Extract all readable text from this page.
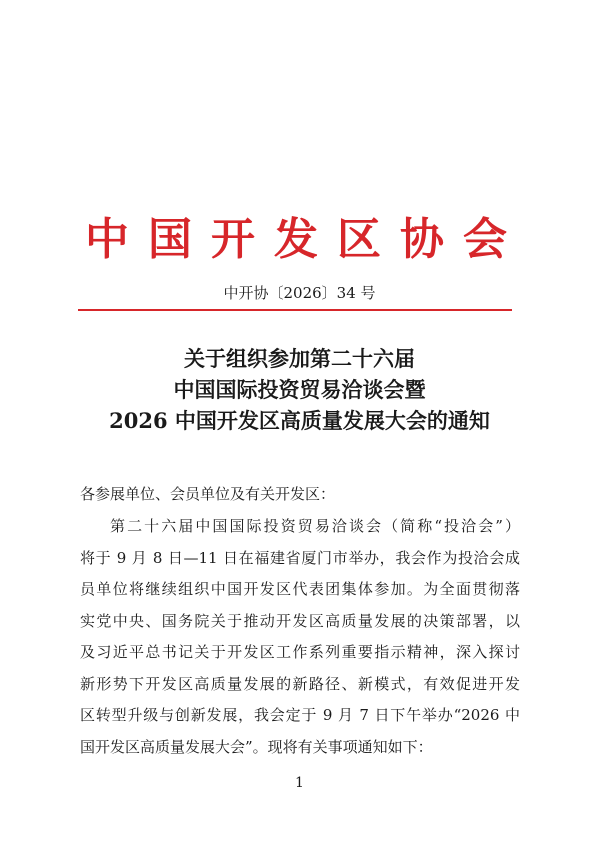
中国开发区协会
中开协〔2026〕34 号
关于组织参加第二十六届
中国国际投资贸易洽谈会暨
2026 中国开发区高质量发展大会的通知
各参展单位、会员单位及有关开发区：
第二十六届中国国际投资贸易洽谈会（简称“投洽会”）
将于 9 月 8 日—11 日在福建省厦门市举办，我会作为投洽会成
员单位将继续组织中国开发区代表团集体参加。为全面贯彻落
实党中央、国务院关于推动开发区高质量发展的决策部署，以
及习近平总书记关于开发区工作系列重要指示精神，深入探讨
新形势下开发区高质量发展的新路径、新模式，有效促进开发
区转型升级与创新发展，我会定于 9 月 7 日下午举办“2026 中
国开发区高质量发展大会”。现将有关事项通知如下：
1
